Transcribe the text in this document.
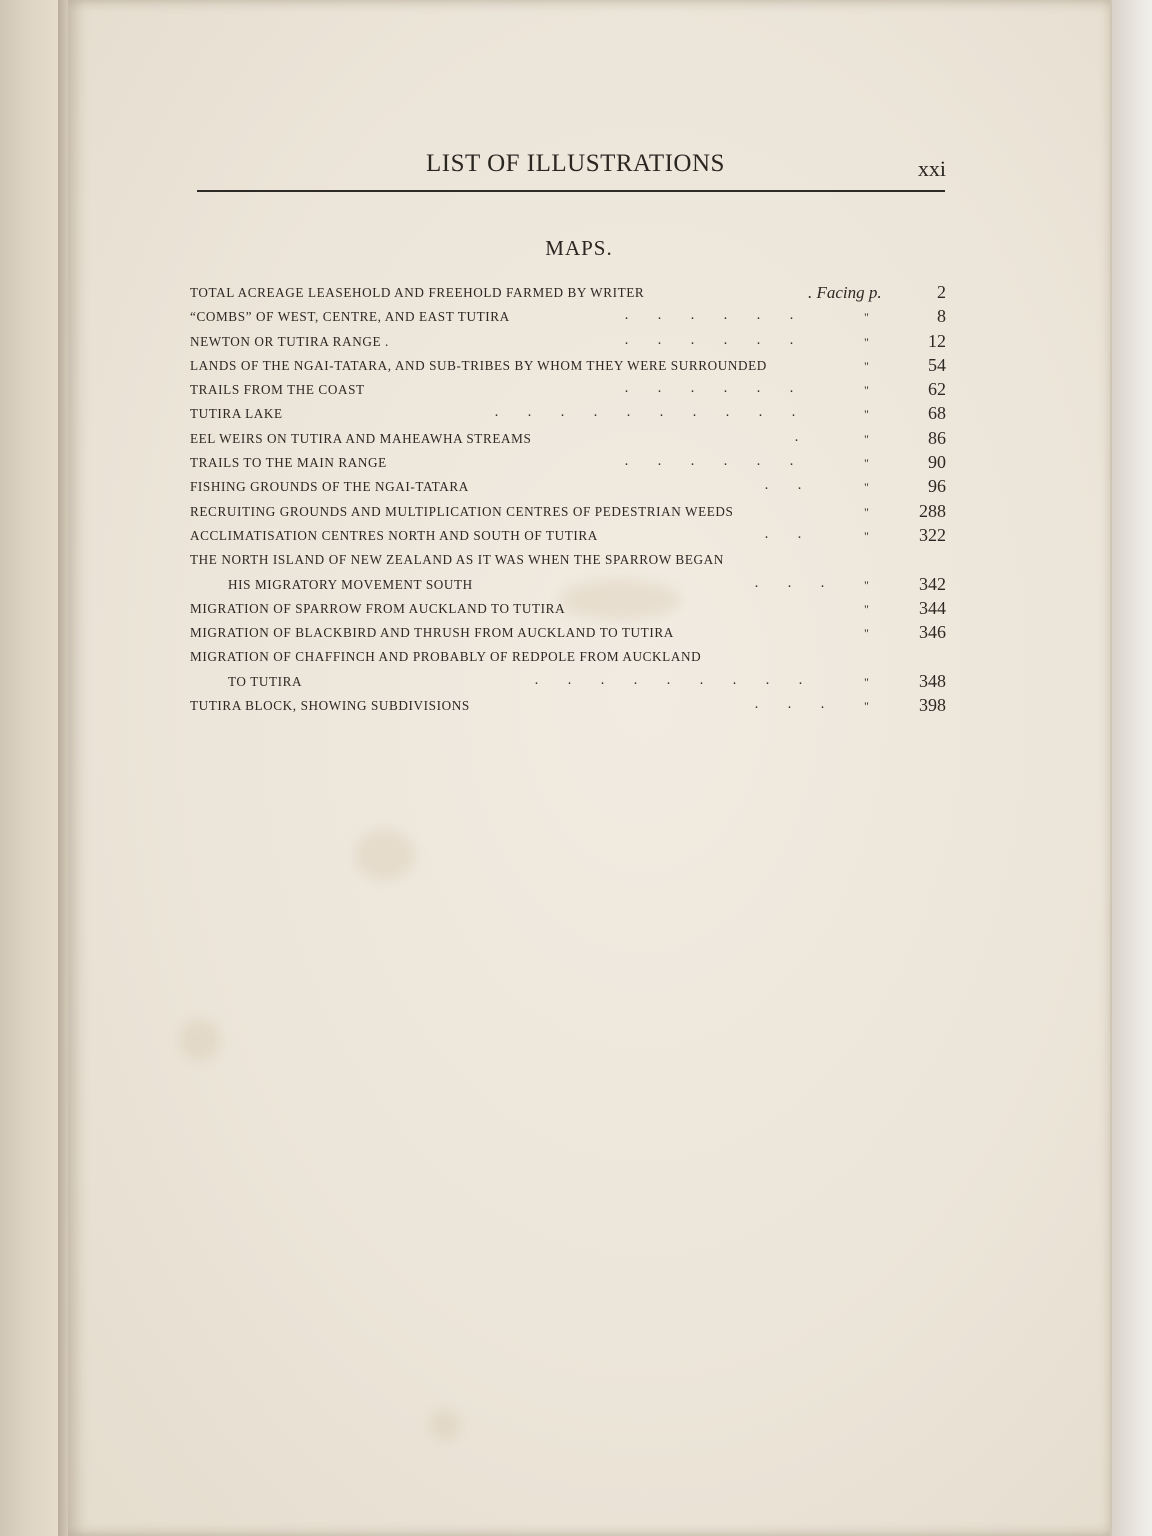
LIST OF ILLUSTRATIONS	xxi
MAPS.
TOTAL ACREAGE LEASEHOLD AND FREEHOLD FARMED BY WRITER	. Facing p.	2
“COMBS” OF WEST, CENTRE, AND EAST TUTIRA	. . . . . .	"	8
NEWTON OR TUTIRA RANGE .	. . . . . .	"	12
LANDS OF THE NGAI-TATARA, AND SUB-TRIBES BY WHOM THEY WERE SURROUNDED	"	54
TRAILS FROM THE COAST	. . . . . .	"	62
TUTIRA LAKE	. . . . . . . . . .	"	68
EEL WEIRS ON TUTIRA AND MAHEAWHA STREAMS	.	"	86
TRAILS TO THE MAIN RANGE	. . . . . .	"	90
FISHING GROUNDS OF THE NGAI-TATARA	. .	"	96
RECRUITING GROUNDS AND MULTIPLICATION CENTRES OF PEDESTRIAN WEEDS	"	288
ACCLIMATISATION CENTRES NORTH AND SOUTH OF TUTIRA	. .	"	322
THE NORTH ISLAND OF NEW ZEALAND AS IT WAS WHEN THE SPARROW BEGAN
HIS MIGRATORY MOVEMENT SOUTH	. . .	"	342
MIGRATION OF SPARROW FROM AUCKLAND TO TUTIRA	"	344
MIGRATION OF BLACKBIRD AND THRUSH FROM AUCKLAND TO TUTIRA	"	346
MIGRATION OF CHAFFINCH AND PROBABLY OF REDPOLE FROM AUCKLAND
TO TUTIRA	. . . . . . . . .	"	348
TUTIRA BLOCK, SHOWING SUBDIVISIONS	. . .	"	398
